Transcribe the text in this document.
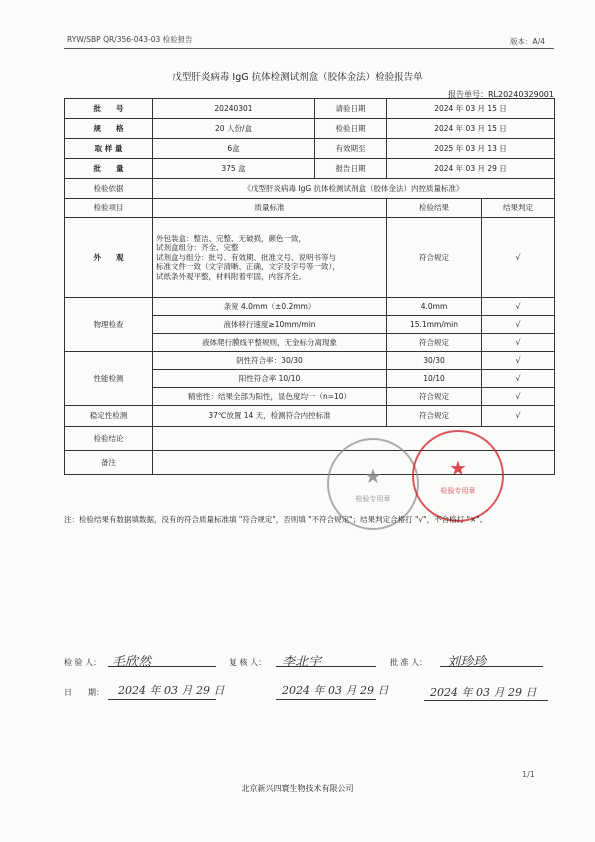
RYW/SBP QR/356-043-03 检验报告	版本：A/4
戊型肝炎病毒 IgG 抗体检测试剂盒（胶体金法）检验报告单
报告单号：RL20240329001
批　　号	20240301	请验日期	2024 年 03 月 15 日	
规　　格	20 人份/盒	检验日期	2024 年 03 月 15 日	
取 样 量	6盒	有效期至	2025 年 03 月 13 日	
批　　量	375 盒	报告日期	2024 年 03 月 29 日	
检验依据	《戊型肝炎病毒 IgG 抗体检测试剂盒（胶体金法）内控质量标准》			
检验项目	质量标准		检验结果	结果判定
外　　观	外包装盒：整洁、完整、无破损，颜色一致，
试剂盒组分：齐全、完整
试剂盒与组分：批号、有效期、批准文号、说明书等与
标准文件一致（文字清晰、正确，文字及字号等一致），
试纸条外观平整，材料附着牢固，内容齐全。		符合规定	√
物理检查	条宽 4.0mm（±0.2mm）		4.0mm	√
	液体移行速度≥10mm/min		15.1mm/min	√
	液体爬行膜线平整规则，无金标分离现象		符合规定	√
性能检测	阴性符合率：30/30		30/30	√
	阳性符合率 10/10		10/10	√
	精密性：结果全部为阳性，显色度均一（n=10）		符合规定	√
稳定性检测	37℃放置 14 天，检测符合内控标准		符合规定	√
检验结论				
备注				
★
检验专用章
★
检验专用章
注：检验结果有数据填数据，没有的符合质量标准填 "符合规定"，否则填 "不符合规定"；结果判定合格打 "√"，不合格打 "×"。
检 验 人： 毛欣然	复 核 人： 李北宇	批 准 人： 刘珍珍
日　　期： 2024 年 03 月 29 日	2024 年 03 月 29 日	2024 年 03 月 29 日
1/1
北京新兴四寰生物技术有限公司
